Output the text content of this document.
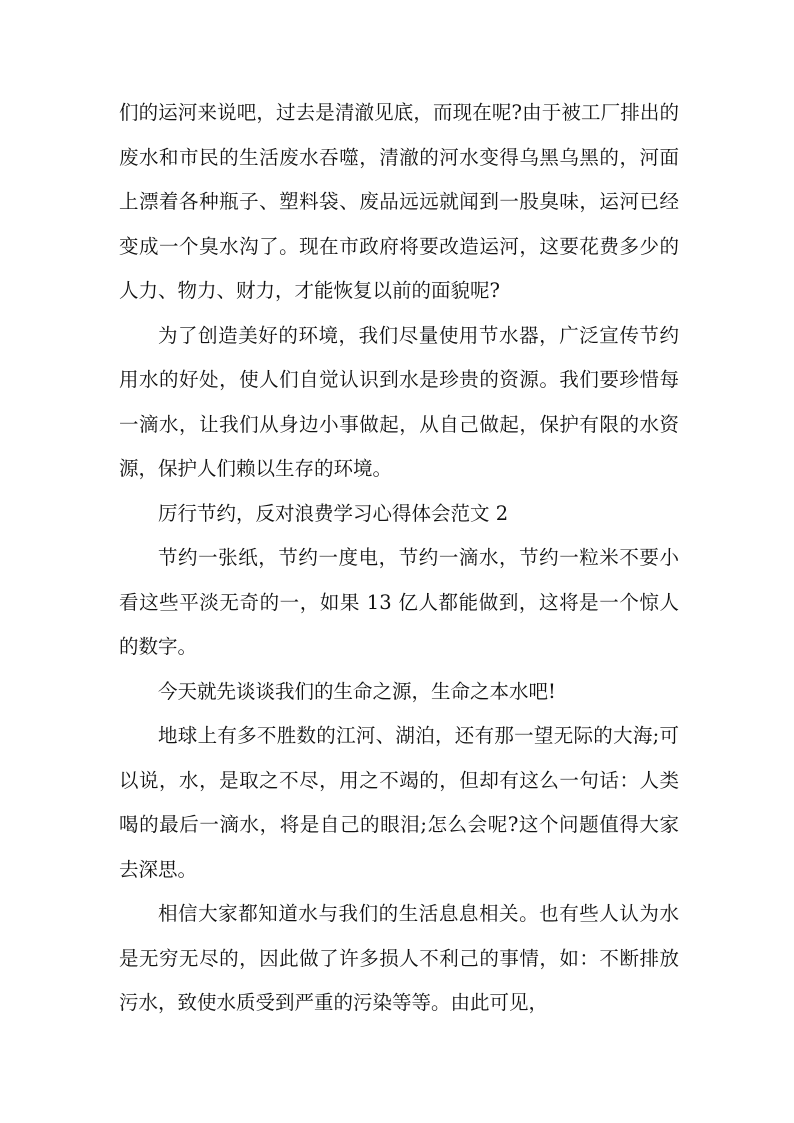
们的运河来说吧，过去是清澈见底，而现在呢?由于被工厂排出的废水和市民的生活废水吞噬，清澈的河水变得乌黑乌黑的，河面上漂着各种瓶子、塑料袋、废品远远就闻到一股臭味，运河已经变成一个臭水沟了。现在市政府将要改造运河，这要花费多少的人力、物力、财力，才能恢复以前的面貌呢?

为了创造美好的环境，我们尽量使用节水器，广泛宣传节约用水的好处，使人们自觉认识到水是珍贵的资源。我们要珍惜每一滴水，让我们从身边小事做起，从自己做起，保护有限的水资源，保护人们赖以生存的环境。

厉行节约，反对浪费学习心得体会范文 2

节约一张纸，节约一度电，节约一滴水，节约一粒米不要小看这些平淡无奇的一，如果 13 亿人都能做到，这将是一个惊人的数字。

今天就先谈谈我们的生命之源，生命之本水吧!

地球上有多不胜数的江河、湖泊，还有那一望无际的大海;可以说，水，是取之不尽，用之不竭的，但却有这么一句话：人类喝的最后一滴水，将是自己的眼泪;怎么会呢?这个问题值得大家去深思。

相信大家都知道水与我们的生活息息相关。也有些人认为水是无穷无尽的，因此做了许多损人不利己的事情，如：不断排放污水，致使水质受到严重的污染等等。由此可见，
